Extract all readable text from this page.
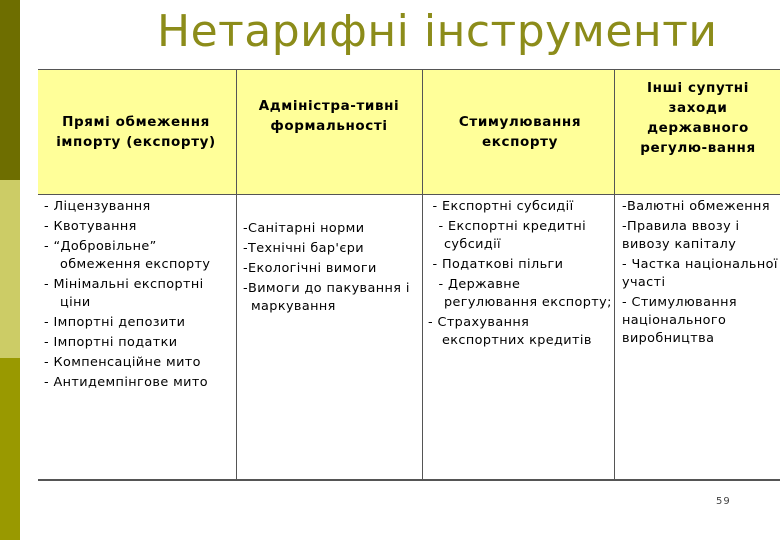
Нетарифні інструменти
Прямі обмеження імпорту (експорту)
Адміністра-тивні формальності	Стимулювання експорту
Інші супутні заходи державного регулю-вання

- Ліцензування

- Квотування

- “Добровільне” обмеження експорту

- Мінімальні експортні ціни

- Імпортні депозити

- Імпортні податки

- Компенсаційне мито

- Антидемпінгове мито

-Санітарні норми

-Технічні бар'єри

-Екологічні вимоги

-Вимоги до пакування і маркування

- Експортні субсидії

- Експортні кредитні  субсидії

- Податкові пільги

- Державне регулювання експорту;

- Страхування експортних кредитів

-Валютні обмеження

-Правила ввозу і вивозу капіталу

- Частка національної участі

- Стимулювання національного виробництва

59
